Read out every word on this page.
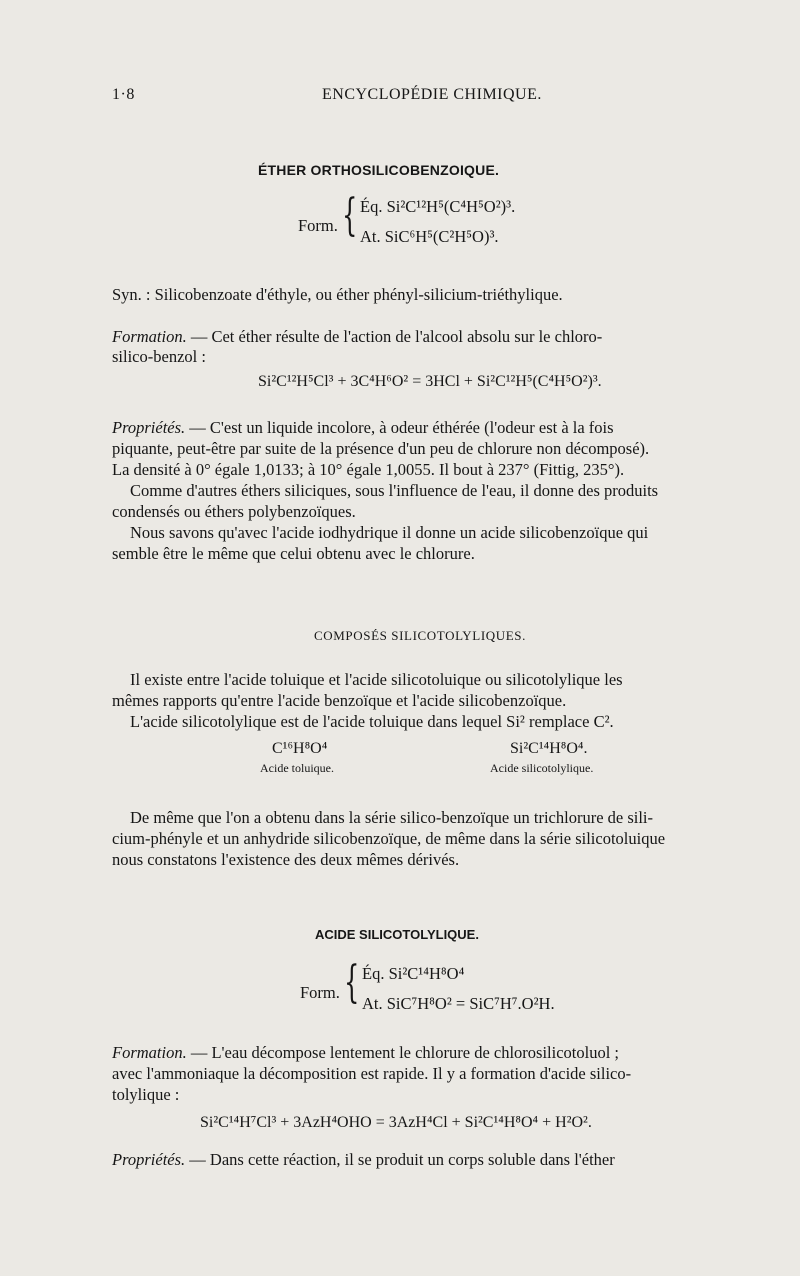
1·8	ENCYCLOPÉDIE CHIMIQUE.
ÉTHER ORTHOSILICOBENZOIQUE.
Form. { Éq. Si²C¹²H⁵(C⁴H⁵O²)³.
At. SiC⁶H⁵(C²H⁵O)³.
Syn. : Silicobenzoate d'éthyle, ou éther phényl-silicium-triéthylique.
Formation. — Cet éther résulte de l'action de l'alcool absolu sur le chloro-
silico-benzol :
Si²C¹²H⁵Cl³ + 3C⁴H⁶O² = 3HCl + Si²C¹²H⁵(C⁴H⁵O²)³.
Propriétés. — C'est un liquide incolore, à odeur éthérée (l'odeur est à la fois
piquante, peut-être par suite de la présence d'un peu de chlorure non décomposé).
La densité à 0° égale 1,0133; à 10° égale 1,0055. Il bout à 237° (Fittig, 235°).
Comme d'autres éthers siliciques, sous l'influence de l'eau, il donne des produits
condensés ou éthers polybenzoïques.
Nous savons qu'avec l'acide iodhydrique il donne un acide silicobenzoïque qui
semble être le même que celui obtenu avec le chlorure.
COMPOSÉS SILICOTOLYLIQUES.
Il existe entre l'acide toluique et l'acide silicotoluique ou silicotolylique les
mêmes rapports qu'entre l'acide benzoïque et l'acide silicobenzoïque.
L'acide silicotolylique est de l'acide toluique dans lequel Si² remplace C².
C¹⁶H⁸O⁴	Si²C¹⁴H⁸O⁴.
Acide toluique.	Acide silicotolylique.
De même que l'on a obtenu dans la série silico-benzoïque un trichlorure de sili-
cium-phényle et un anhydride silicobenzoïque, de même dans la série silicotoluique
nous constatons l'existence des deux mêmes dérivés.
ACIDE SILICOTOLYLIQUE.
Form. { Éq. Si²C¹⁴H⁸O⁴
At. SiC⁷H⁸O² = SiC⁷H⁷.O²H.
Formation. — L'eau décompose lentement le chlorure de chlorosilicotoluol ;
avec l'ammoniaque la décomposition est rapide. Il y a formation d'acide silico-
tolylique :
Si²C¹⁴H⁷Cl³ + 3AzH⁴OHO = 3AzH⁴Cl + Si²C¹⁴H⁸O⁴ + H²O².
Propriétés. — Dans cette réaction, il se produit un corps soluble dans l'éther
